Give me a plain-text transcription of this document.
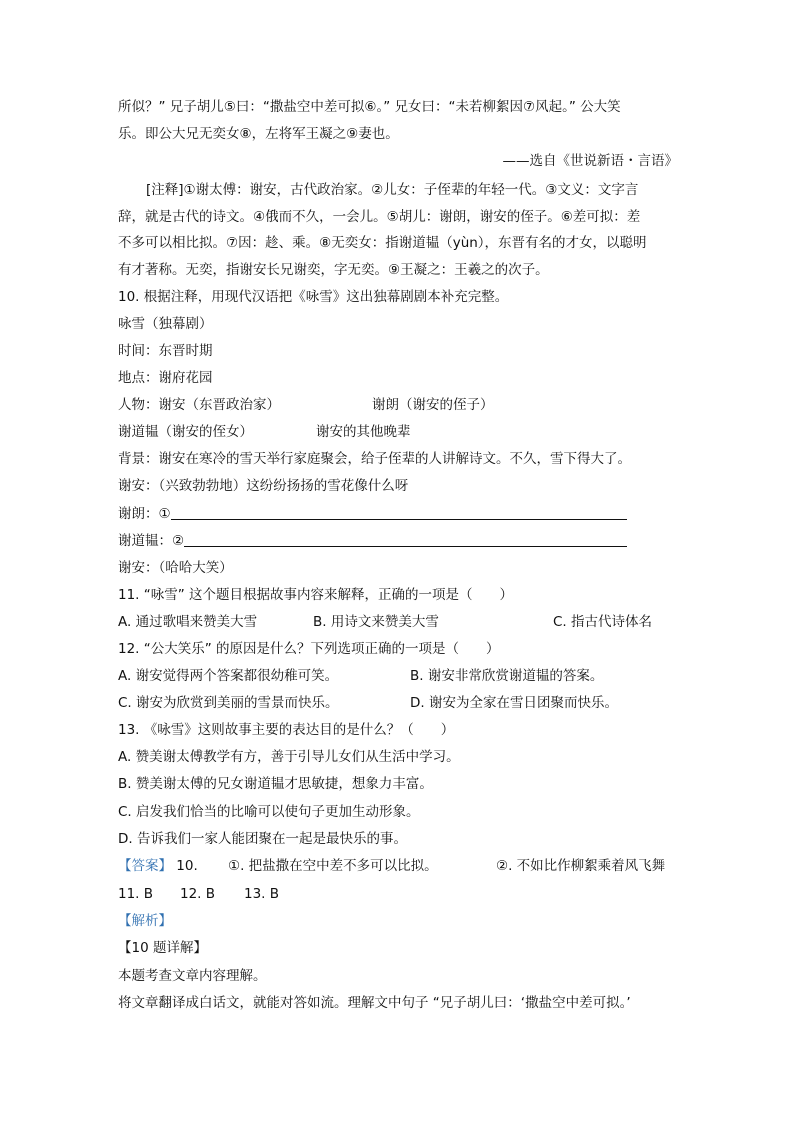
所似？” 兄子胡儿⑤曰：“撒盐空中差可拟⑥。” 兄女曰：“未若柳絮因⑦风起。” 公大笑
乐。即公大兄无奕女⑧，左将军王凝之⑨妻也。
——选自《世说新语・言语》
[注释]①谢太傅：谢安，古代政治家。②儿女：子侄辈的年轻一代。③文义：文字言
辞，就是古代的诗文。④俄而不久，一会儿。⑤胡儿：谢朗，谢安的侄子。⑥差可拟：差
不多可以相比拟。⑦因：趁、乘。⑧无奕女：指谢道韫（yùn），东晋有名的才女，以聪明
有才著称。无奕，指谢安长兄谢奕，字无奕。⑨王凝之：王羲之的次子。
10. 根据注释，用现代汉语把《咏雪》这出独幕剧剧本补充完整。
咏雪（独幕剧）
时间：东晋时期
地点：谢府花园
人物：谢安（东晋政治家）	谢朗（谢安的侄子）
谢道韫（谢安的侄女）	谢安的其他晚辈
背景：谢安在寒冷的雪天举行家庭聚会，给子侄辈的人讲解诗文。不久，雪下得大了。
谢安：（兴致勃勃地）这纷纷扬扬的雪花像什么呀
谢朗：①
谢道韫：②
谢安：（哈哈大笑）
11. “咏雪” 这个题目根据故事内容来解释，正确的一项是（　　）
A. 通过歌唱来赞美大雪	B. 用诗文来赞美大雪	C. 指古代诗体名
12. “公大笑乐” 的原因是什么？下列选项正确的一项是（　　）
A. 谢安觉得两个答案都很幼稚可笑。	B. 谢安非常欣赏谢道韫的答案。
C. 谢安为欣赏到美丽的雪景而快乐。	D. 谢安为全家在雪日团聚而快乐。
13. 《咏雪》这则故事主要的表达目的是什么？（　　）
A. 赞美谢太傅教学有方，善于引导儿女们从生活中学习。
B. 赞美谢太傅的兄女谢道韫才思敏捷，想象力丰富。
C. 启发我们恰当的比喻可以使句子更加生动形象。
D. 告诉我们一家人能团聚在一起是最快乐的事。
【答案】 10. ①. 把盐撒在空中差不多可以比拟。	②. 不如比作柳絮乘着风飞舞
11. B 12. B 13. B
【解析】
【10 题详解】
本题考查文章内容理解。
将文章翻译成白话文，就能对答如流。理解文中句子 “兄子胡儿曰：‘撒盐空中差可拟。’
